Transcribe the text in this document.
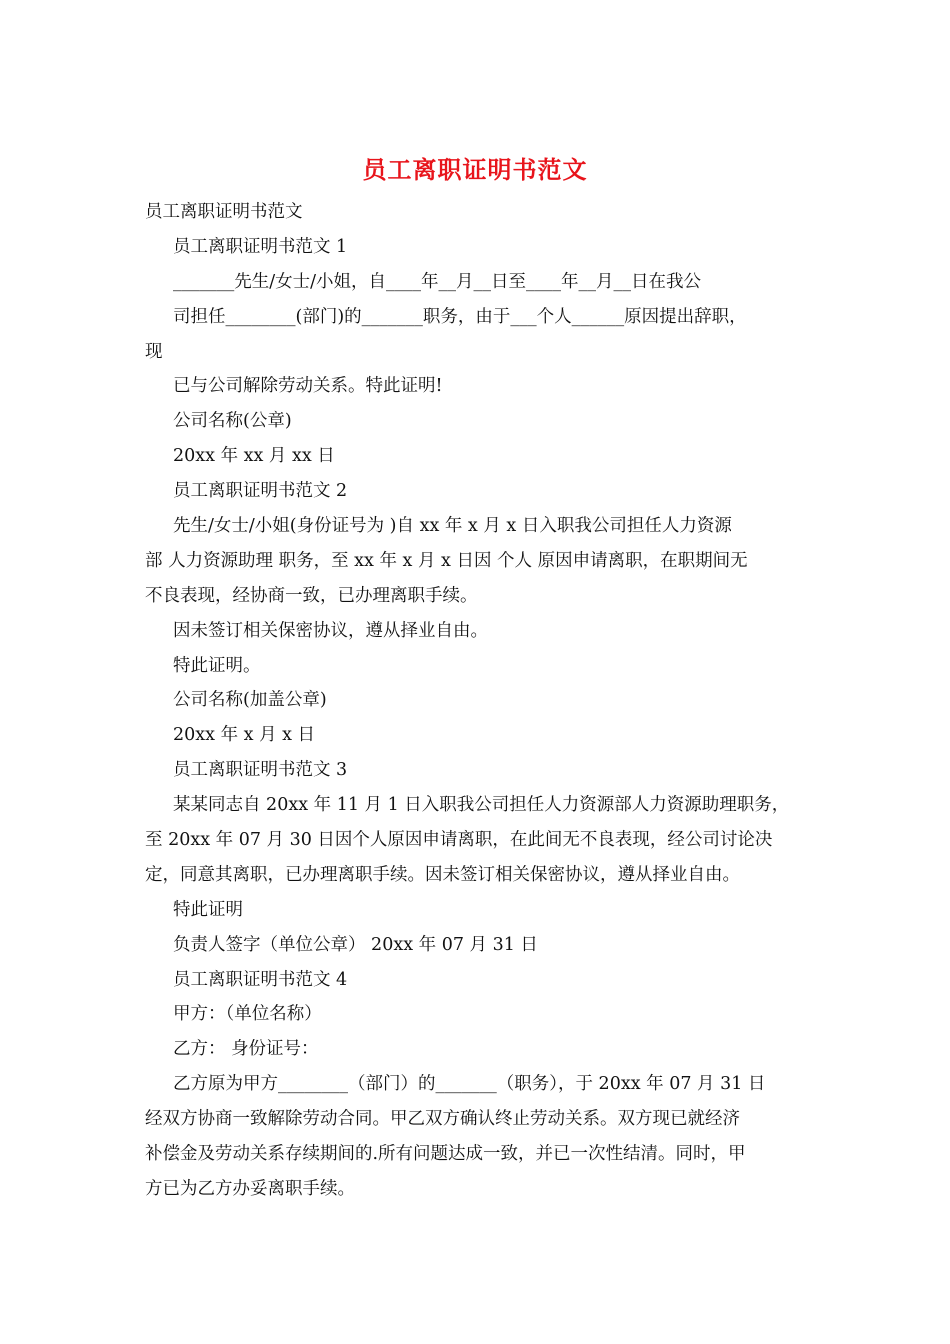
员工离职证明书范文
员工离职证明书范文
员工离职证明书范文 1
_______先生/女士/小姐，自____年__月__日至____年__月__日在我公
司担任________(部门)的_______职务，由于___个人______原因提出辞职，
现
已与公司解除劳动关系。特此证明!
公司名称(公章)
20xx 年 xx 月 xx 日
员工离职证明书范文 2
先生/女士/小姐(身份证号为 )自 xx 年 x 月 x 日入职我公司担任人力资源
部 人力资源助理 职务，至 xx 年 x 月 x 日因 个人 原因申请离职，在职期间无
不良表现，经协商一致，已办理离职手续。
因未签订相关保密协议，遵从择业自由。
特此证明。
公司名称(加盖公章)
20xx 年 x 月 x 日
员工离职证明书范文 3
某某同志自 20xx 年 11 月 1 日入职我公司担任人力资源部人力资源助理职务，
至 20xx 年 07 月 30 日因个人原因申请离职，在此间无不良表现，经公司讨论决
定，同意其离职，已办理离职手续。因未签订相关保密协议，遵从择业自由。
特此证明
负责人签字（单位公章） 20xx 年 07 月 31 日
员工离职证明书范文 4
甲方：（单位名称）
乙方： 身份证号：
乙方原为甲方________（部门）的_______（职务），于 20xx 年 07 月 31 日
经双方协商一致解除劳动合同。甲乙双方确认终止劳动关系。双方现已就经济
补偿金及劳动关系存续期间的.所有问题达成一致，并已一次性结清。同时，甲
方已为乙方办妥离职手续。
